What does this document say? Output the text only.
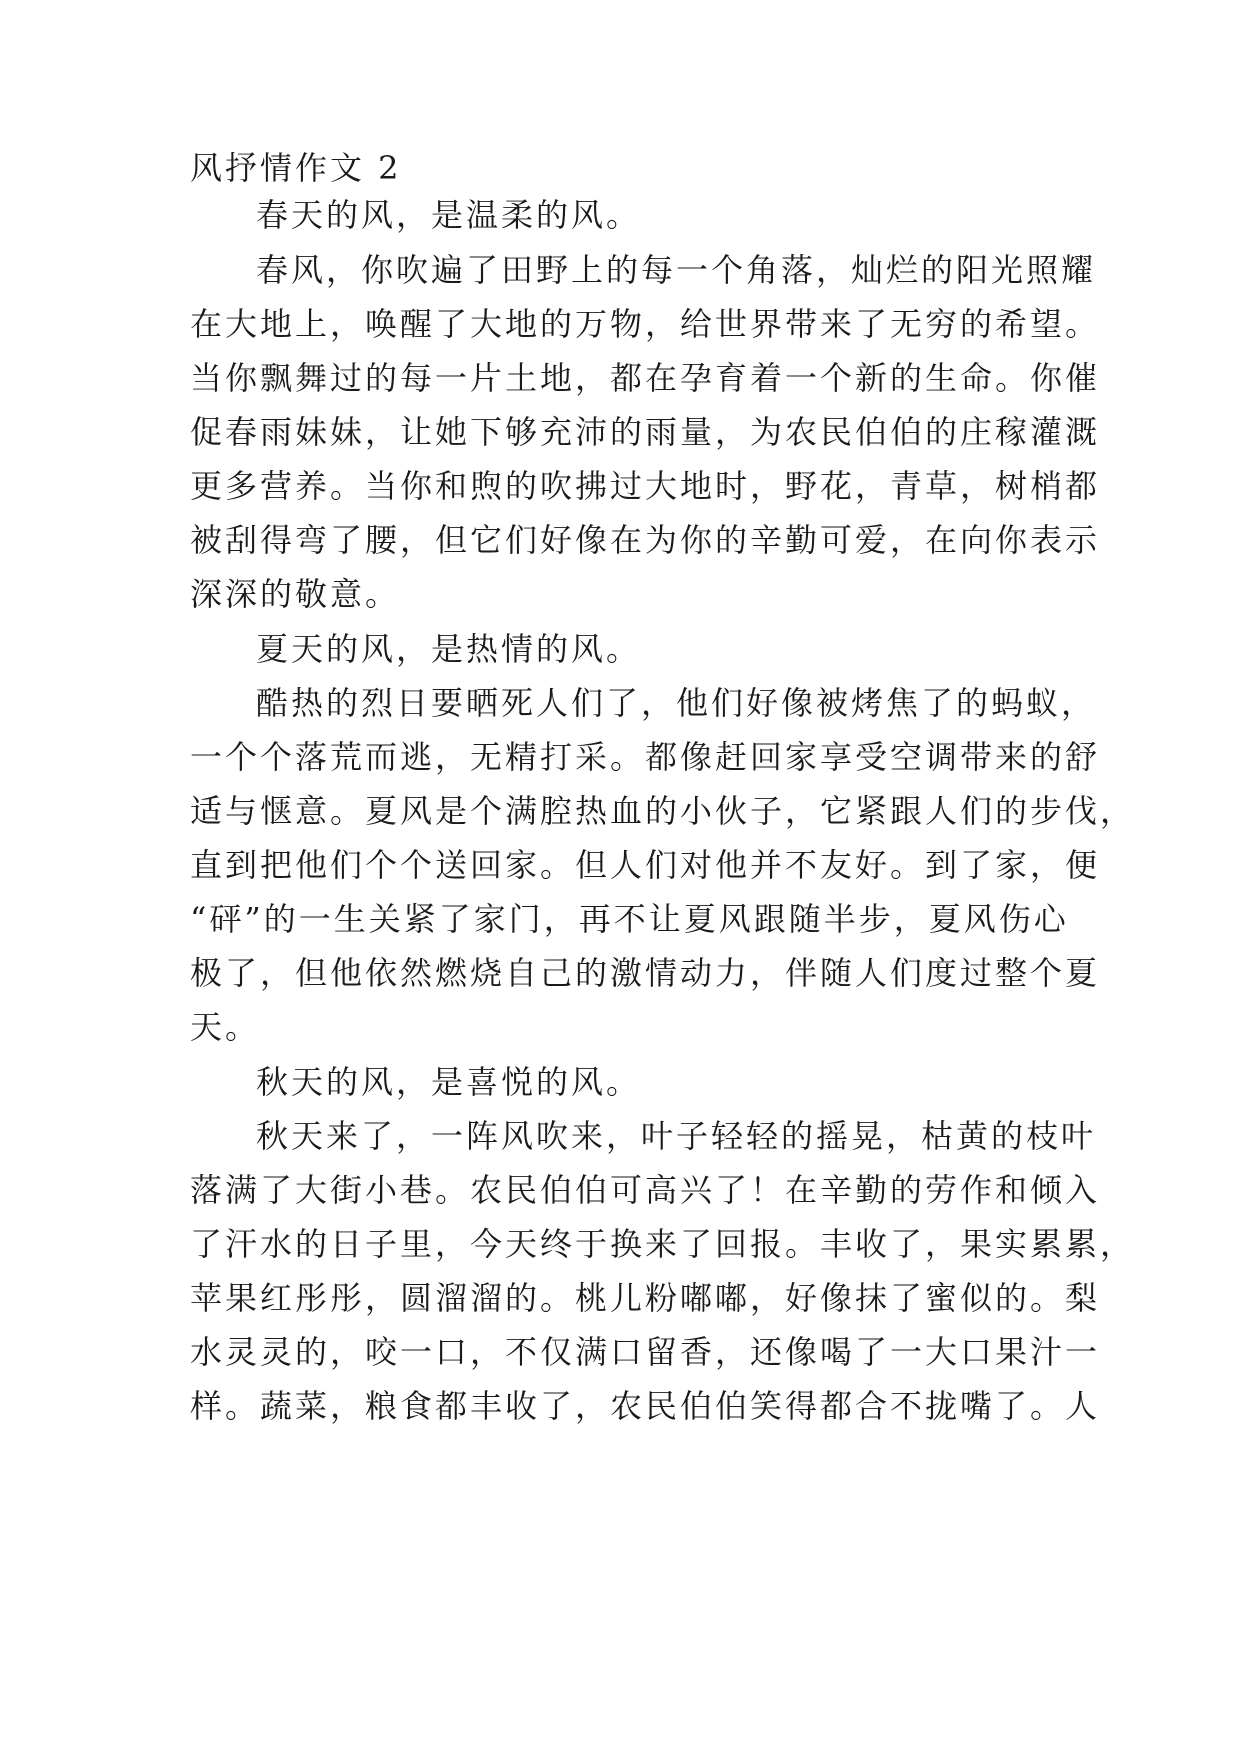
风抒情作文 2
春天的风，是温柔的风。
春风，你吹遍了田野上的每一个角落，灿烂的阳光照耀
在大地上，唤醒了大地的万物，给世界带来了无穷的希望。
当你飘舞过的每一片土地，都在孕育着一个新的生命。你催
促春雨妹妹，让她下够充沛的雨量，为农民伯伯的庄稼灌溉
更多营养。当你和煦的吹拂过大地时，野花，青草，树梢都
被刮得弯了腰，但它们好像在为你的辛勤可爱，在向你表示
深深的敬意。
夏天的风，是热情的风。
酷热的烈日要晒死人们了，他们好像被烤焦了的蚂蚁，
一个个落荒而逃，无精打采。都像赶回家享受空调带来的舒
适与惬意。夏风是个满腔热血的小伙子，它紧跟人们的步伐，
直到把他们个个送回家。但人们对他并不友好。到了家，便
“砰”的一生关紧了家门，再不让夏风跟随半步，夏风伤心
极了，但他依然燃烧自己的激情动力，伴随人们度过整个夏
天。
秋天的风，是喜悦的风。
秋天来了，一阵风吹来，叶子轻轻的摇晃，枯黄的枝叶
落满了大街小巷。农民伯伯可高兴了！在辛勤的劳作和倾入
了汗水的日子里，今天终于换来了回报。丰收了，果实累累，
苹果红彤彤，圆溜溜的。桃儿粉嘟嘟，好像抹了蜜似的。梨
水灵灵的，咬一口，不仅满口留香，还像喝了一大口果汁一
样。蔬菜，粮食都丰收了，农民伯伯笑得都合不拢嘴了。人
